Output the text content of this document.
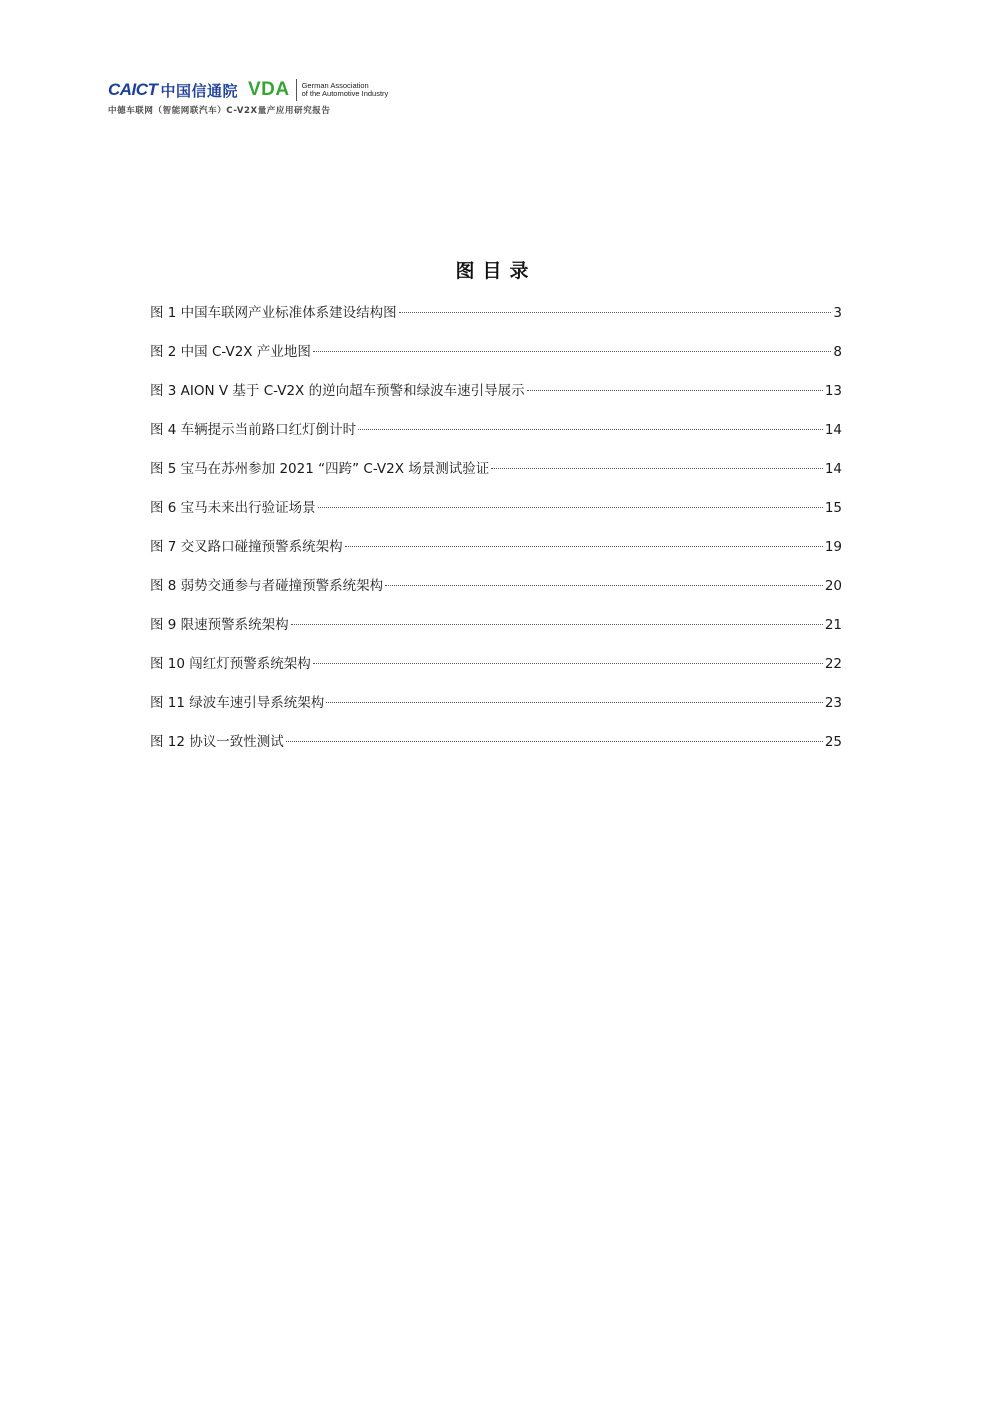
CAICT 中国信通院 VDA German Association
of the Automotive Industry
中德车联网（智能网联汽车）C-V2X量产应用研究报告
图目录
图 1 中国车联网产业标准体系建设结构图	3
图 2 中国 C-V2X 产业地图	8
图 3 AION V 基于 C-V2X 的逆向超车预警和绿波车速引导展示	13
图 4 车辆提示当前路口红灯倒计时	14
图 5 宝马在苏州参加 2021 “四跨” C-V2X 场景测试验证	14
图 6 宝马未来出行验证场景	15
图 7 交叉路口碰撞预警系统架构	19
图 8 弱势交通参与者碰撞预警系统架构	20
图 9 限速预警系统架构	21
图 10 闯红灯预警系统架构	22
图 11 绿波车速引导系统架构	23
图 12 协议一致性测试	25
